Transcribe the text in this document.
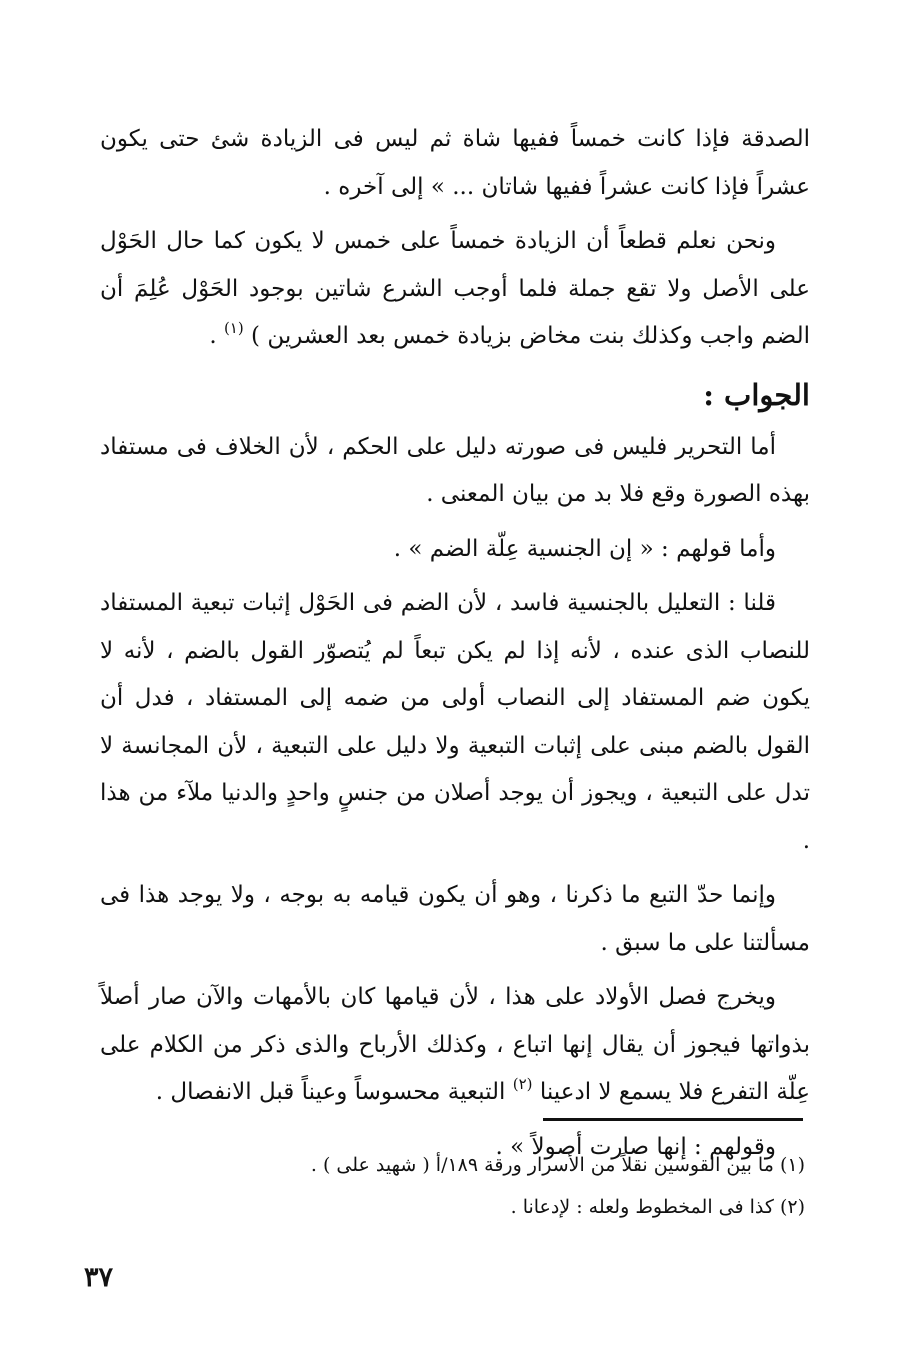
الصدقة فإذا كانت خمساً ففيها شاة ثم ليس فى الزيادة شئ حتى يكون عشراً فإذا كانت عشراً ففيها شاتان ... » إلى آخره .

ونحن نعلم قطعاً أن الزيادة خمساً على خمس لا يكون كما حال الحَوْل على الأصل ولا تقع جملة فلما أوجب الشرع شاتين بوجود الحَوْل عُلِمَ أن الضم واجب وكذلك بنت مخاض بزيادة خمس بعد العشرين ) $^{(١)}$ .

الجواب :

أما التحرير فليس فى صورته دليل على الحكم ، لأن الخلاف فى مستفاد بهذه الصورة وقع فلا بد من بيان المعنى .

وأما قولهم : « إن الجنسية عِلّة الضم » .

قلنا : التعليل بالجنسية فاسد ، لأن الضم فى الحَوْل إثبات تبعية المستفاد للنصاب الذى عنده ، لأنه إذا لم يكن تبعاً لم يُتصوّر القول بالضم ، لأنه لا يكون ضم المستفاد إلى النصاب أولى من ضمه إلى المستفاد ، فدل أن القول بالضم مبنى على إثبات التبعية ولا دليل على التبعية ، لأن المجانسة لا تدل على التبعية ، ويجوز أن يوجد أصلان من جنسٍ واحدٍ والدنيا ملآء من هذا .

وإنما حدّ التبع ما ذكرنا ، وهو أن يكون قيامه به بوجه ، ولا يوجد هذا فى مسألتنا على ما سبق .

ويخرج فصل الأولاد على هذا ، لأن قيامها كان بالأمهات والآن صار أصلاً بذواتها فيجوز أن يقال إنها اتباع ، وكذلك الأرباح والذى ذكر من الكلام على عِلّة التفرع فلا يسمع لا ادعينا $^{(٢)}$ التبعية محسوساً وعيناً قبل الانفصال .

وقولهم : إنها صارت أصولاً » .

(١) ما بين القوسين نقلاً من الأسرار ورقة ١٨٩/أ ( شهيد على ) .

(٢) كذا فى المخطوط ولعله : لإدعانا .

٣٧
